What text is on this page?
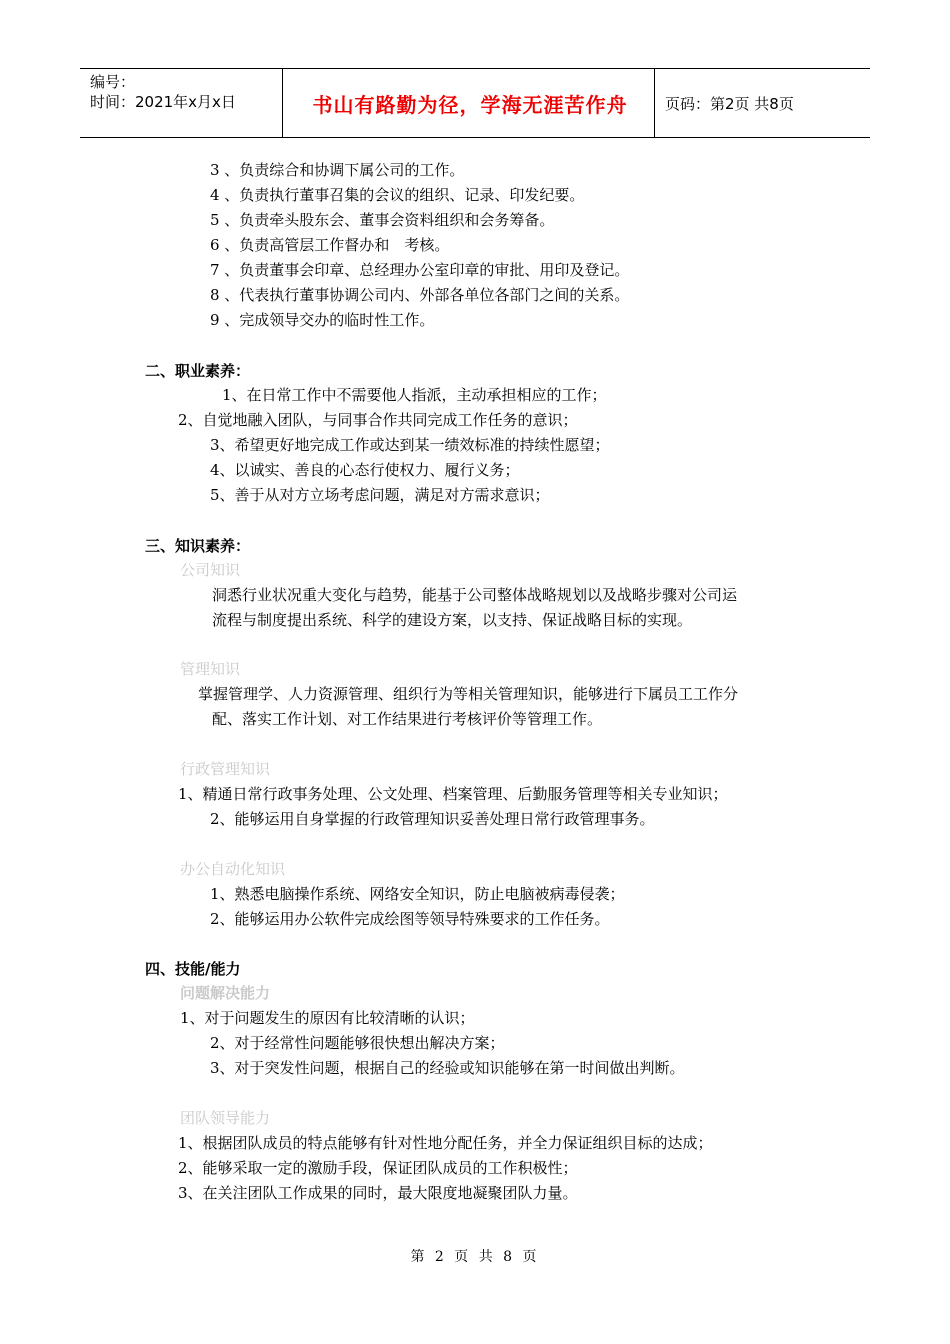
编号：
时间：2021年x月x日	书山有路勤为径，学海无涯苦作舟	页码：第2页 共8页
3 、负责综合和协调下属公司的工作。
4 、负责执行董事召集的会议的组织、记录、印发纪要。
5 、负责牵头股东会、董事会资料组织和会务筹备。
6 、负责高管层工作督办和　考核。
7 、负责董事会印章、总经理办公室印章的审批、用印及登记。
8 、代表执行董事协调公司内、外部各单位各部门之间的关系。
9 、完成领导交办的临时性工作。
二、职业素养：
1、在日常工作中不需要他人指派，主动承担相应的工作；
2、自觉地融入团队，与同事合作共同完成工作任务的意识；
3、希望更好地完成工作或达到某一绩效标准的持续性愿望；
4、以诚实、善良的心态行使权力、履行义务；
5、善于从对方立场考虑问题，满足对方需求意识；
三、知识素养：
公司知识
洞悉行业状况重大变化与趋势，能基于公司整体战略规划以及战略步骤对公司运
流程与制度提出系统、科学的建设方案，以支持、保证战略目标的实现。
管理知识
掌握管理学、人力资源管理、组织行为等相关管理知识，能够进行下属员工工作分
配、落实工作计划、对工作结果进行考核评价等管理工作。
行政管理知识
1、精通日常行政事务处理、公文处理、档案管理、后勤服务管理等相关专业知识；
2、能够运用自身掌握的行政管理知识妥善处理日常行政管理事务。
办公自动化知识
1、熟悉电脑操作系统、网络安全知识，防止电脑被病毒侵袭；
2、能够运用办公软件完成绘图等领导特殊要求的工作任务。
四、技能/能力
问题解决能力
1、对于问题发生的原因有比较清晰的认识；
2、对于经常性问题能够很快想出解决方案；
3、对于突发性问题，根据自己的经验或知识能够在第一时间做出判断。
团队领导能力
1、根据团队成员的特点能够有针对性地分配任务，并全力保证组织目标的达成；
2、能够采取一定的激励手段，保证团队成员的工作积极性；
3、在关注团队工作成果的同时，最大限度地凝聚团队力量。
第 2 页 共 8 页
